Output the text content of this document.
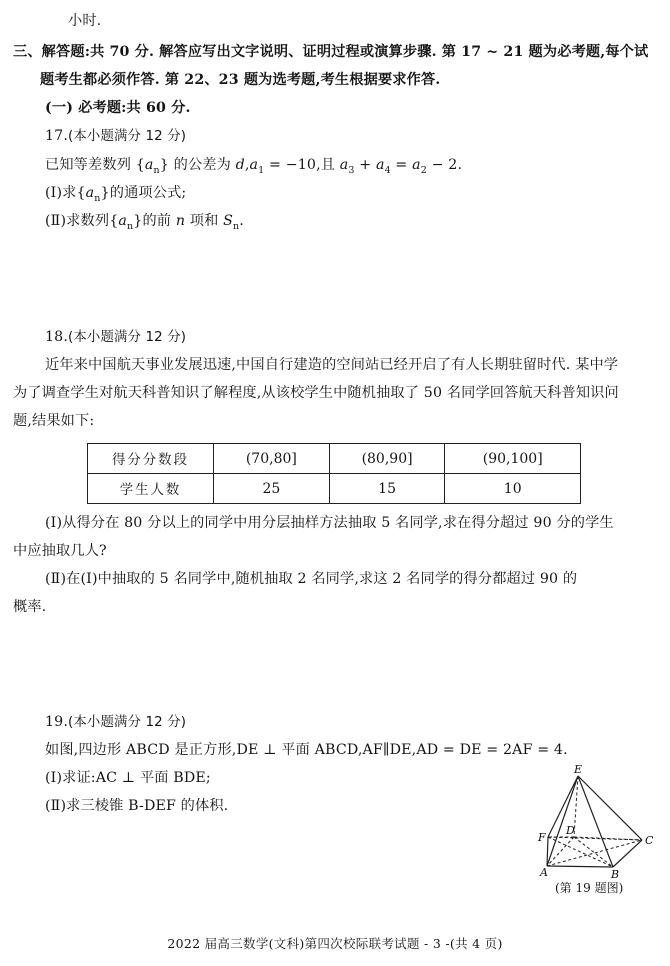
小时.
三、解答题:共 70 分. 解答应写出文字说明、证明过程或演算步骤. 第 17 ~ 21 题为必考题,每个试
题考生都必须作答. 第 22、23 题为选考题,考生根据要求作答.
(一) 必考题:共 60 分.
17.(本小题满分 12 分)
已知等差数列 $\{a_n\}$ 的公差为 $d,a_1 = -10$,且 $a_3 + a_4 = a_2 - 2$.
(Ⅰ)求$\{a_n\}$的通项公式;
(Ⅱ)求数列$\{a_n\}$的前 n 项和 $S_n$.
18.(本小题满分 12 分)
近年来中国航天事业发展迅速,中国自行建造的空间站已经开启了有人长期驻留时代. 某中学
为了调查学生对航天科普知识了解程度,从该校学生中随机抽取了 50 名同学回答航天科普知识问
题,结果如下:
得分分数段	(70,80]	(80,90]	(90,100]
学生人数	25	15	10
(Ⅰ)从得分在 80 分以上的同学中用分层抽样方法抽取 5 名同学,求在得分超过 90 分的学生
中应抽取几人?
(Ⅱ)在(Ⅰ)中抽取的 5 名同学中,随机抽取 2 名同学,求这 2 名同学的得分都超过 90 的
概率.
19.(本小题满分 12 分)
如图,四边形 ABCD 是正方形,DE ⊥ 平面 ABCD,AF∥DE,AD = DE = 2AF = 4.
(Ⅰ)求证:AC ⊥ 平面 BDE;
(Ⅱ)求三棱锥 B-DEF 的体积.
E
F
D
C
A	B
(第 19 题图)
2022 届高三数学(文科)第四次校际联考试题 - 3 -(共 4 页)
